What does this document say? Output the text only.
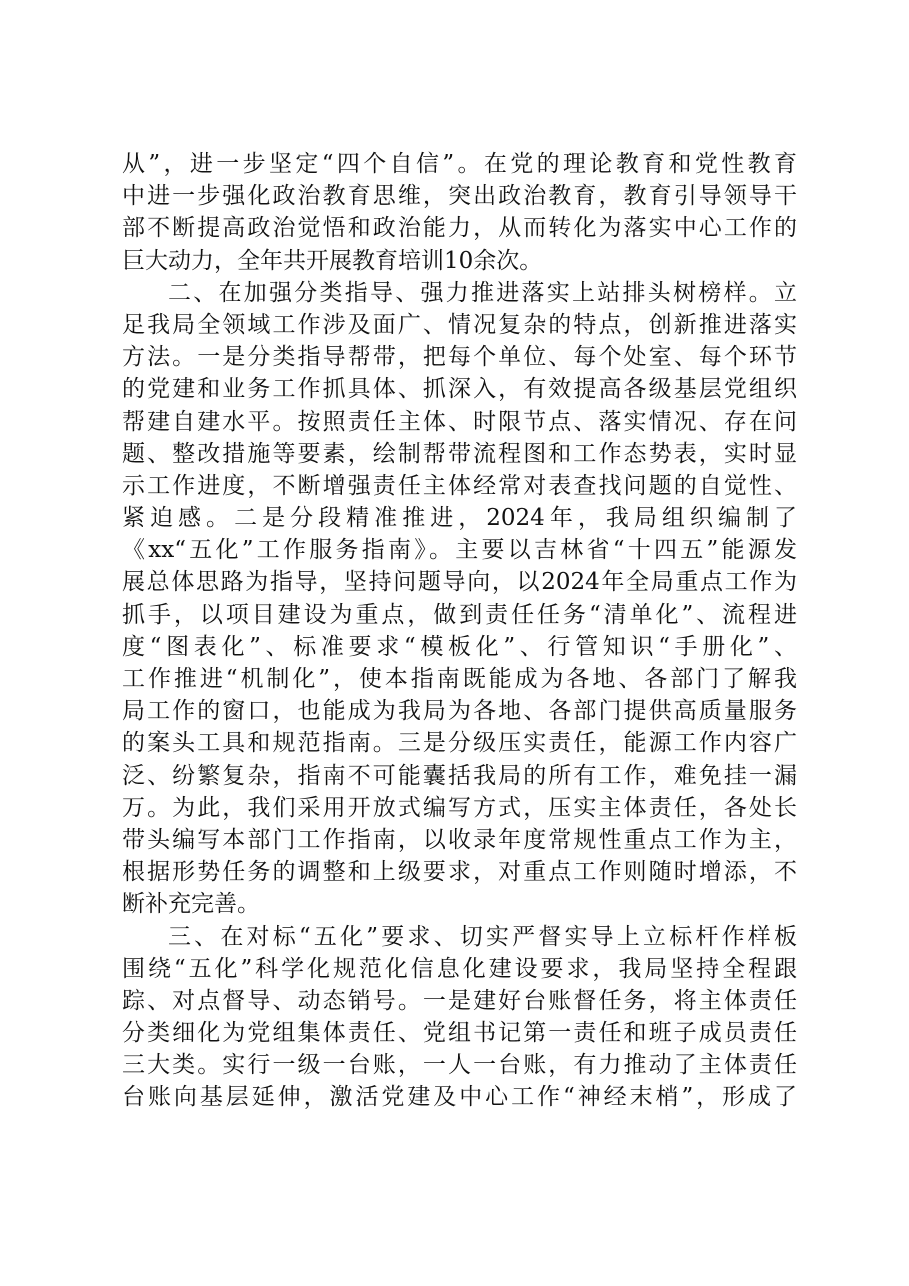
从”，进一步坚定“四个自信”。在党的理论教育和党性教育
中进一步强化政治教育思维，突出政治教育，教育引导领导干
部不断提高政治觉悟和政治能力，从而转化为落实中心工作的
巨大动力，全年共开展教育培训10余次。
二、在加强分类指导、强力推进落实上站排头树榜样。立
足我局全领域工作涉及面广、情况复杂的特点，创新推进落实
方法。一是分类指导帮带，把每个单位、每个处室、每个环节
的党建和业务工作抓具体、抓深入，有效提高各级基层党组织
帮建自建水平。按照责任主体、时限节点、落实情况、存在问
题、整改措施等要素，绘制帮带流程图和工作态势表，实时显
示工作进度，不断增强责任主体经常对表查找问题的自觉性、
紧迫感。二是分段精准推进，2024年，我局组织编制了
《xx“五化”工作服务指南》。主要以吉林省“十四五”能源发
展总体思路为指导，坚持问题导向，以2024年全局重点工作为
抓手，以项目建设为重点，做到责任任务“清单化”、流程进
度“图表化”、标准要求“模板化”、行管知识“手册化”、
工作推进“机制化”，使本指南既能成为各地、各部门了解我
局工作的窗口，也能成为我局为各地、各部门提供高质量服务
的案头工具和规范指南。三是分级压实责任，能源工作内容广
泛、纷繁复杂，指南不可能囊括我局的所有工作，难免挂一漏
万。为此，我们采用开放式编写方式，压实主体责任，各处长
带头编写本部门工作指南，以收录年度常规性重点工作为主，
根据形势任务的调整和上级要求，对重点工作则随时增添，不
断补充完善。
三、在对标“五化”要求、切实严督实导上立标杆作样板
围绕“五化”科学化规范化信息化建设要求，我局坚持全程跟
踪、对点督导、动态销号。一是建好台账督任务，将主体责任
分类细化为党组集体责任、党组书记第一责任和班子成员责任
三大类。实行一级一台账，一人一台账，有力推动了主体责任
台账向基层延伸，激活党建及中心工作“神经末梢”，形成了
